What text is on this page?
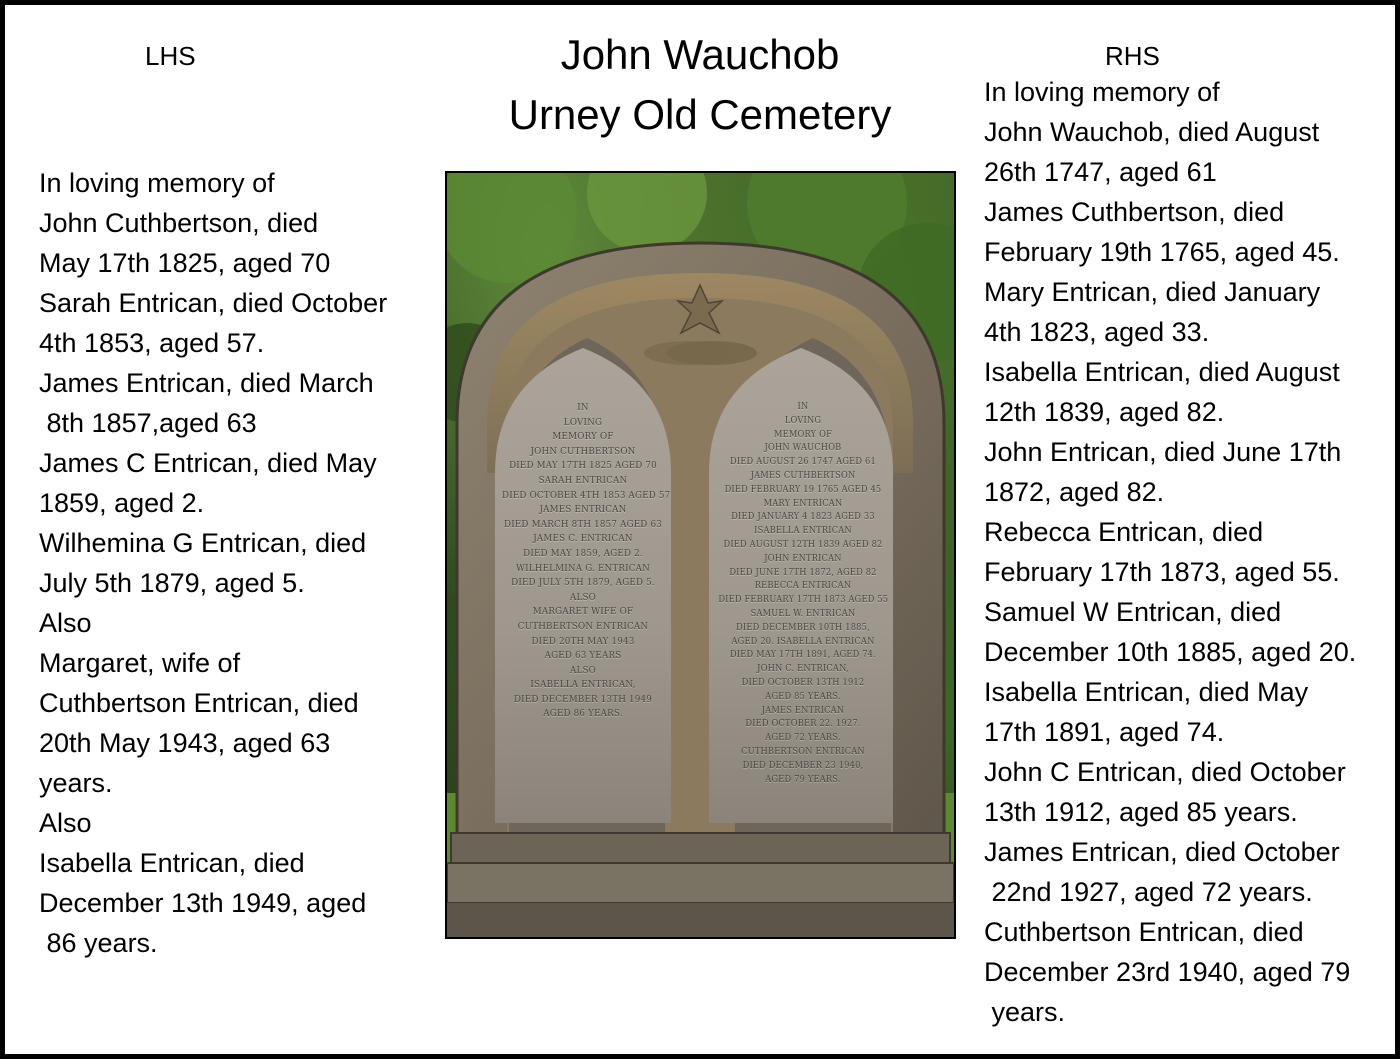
LHS	RHS
John Wauchob
Urney Old Cemetery
In loving memory of
John Cuthbertson, died
May 17th 1825, aged 70
Sarah Entrican, died October
4th 1853, aged 57.
James Entrican, died March
8th 1857,aged 63
James C Entrican, died May
1859, aged 2.
Wilhemina G Entrican, died
July 5th 1879, aged 5.
Also
Margaret, wife of
Cuthbertson Entrican, died
20th May 1943, aged 63
years.
Also
Isabella Entrican, died
December 13th 1949, aged
86 years.
In loving memory of
John Wauchob, died August
26th 1747, aged 61
James Cuthbertson, died
February 19th 1765, aged 45.
Mary Entrican, died January
4th 1823, aged 33.
Isabella Entrican, died August
12th 1839, aged 82.
John Entrican, died June 17th
1872, aged 82.
Rebecca Entrican, died
February 17th 1873, aged 55.
Samuel W Entrican, died
December 10th 1885, aged 20.
Isabella Entrican, died May
17th 1891, aged 74.
John C Entrican, died October
13th 1912, aged 85 years.
James Entrican, died October
22nd 1927, aged 72 years.
Cuthbertson Entrican, died
December 23rd 1940, aged 79
years.
IN
LOVING
MEMORY OF
JOHN CUTHBERTSON
DIED MAY 17TH 1825 AGED 70
SARAH ENTRICAN
DIED OCTOBER 4TH 1853 AGED 57
JAMES ENTRICAN
DIED MARCH 8TH 1857 AGED 63
JAMES C. ENTRICAN
DIED MAY 1859, AGED 2.
WILHELMINA G. ENTRICAN
DIED JULY 5TH 1879, AGED 5.
ALSO
MARGARET WIFE OF
CUTHBERTSON ENTRICAN
DIED 20TH MAY 1943
AGED 63 YEARS
ALSO
ISABELLA ENTRICAN,
DIED DECEMBER 13TH 1949
AGED 86 YEARS.
IN
LOVING
MEMORY OF
JOHN WAUCHOB
DIED AUGUST 26 1747 AGED 61
JAMES CUTHBERTSON
DIED FEBRUARY 19 1765 AGED 45
MARY ENTRICAN
DIED JANUARY 4 1823 AGED 33
ISABELLA ENTRICAN
DIED AUGUST 12TH 1839 AGED 82
JOHN ENTRICAN
DIED JUNE 17TH 1872, AGED 82
REBECCA ENTRICAN
DIED FEBRUARY 17TH 1873 AGED 55
SAMUEL W. ENTRICAN
DIED DECEMBER 10TH 1885,
AGED 20. ISABELLA ENTRICAN
DIED MAY 17TH 1891, AGED 74.
JOHN C. ENTRICAN,
DIED OCTOBER 13TH 1912
AGED 85 YEARS.
JAMES ENTRICAN
DIED OCTOBER 22. 1927.
AGED 72 YEARS.
CUTHBERTSON ENTRICAN
DIED DECEMBER 23 1940,
AGED 79 YEARS.
